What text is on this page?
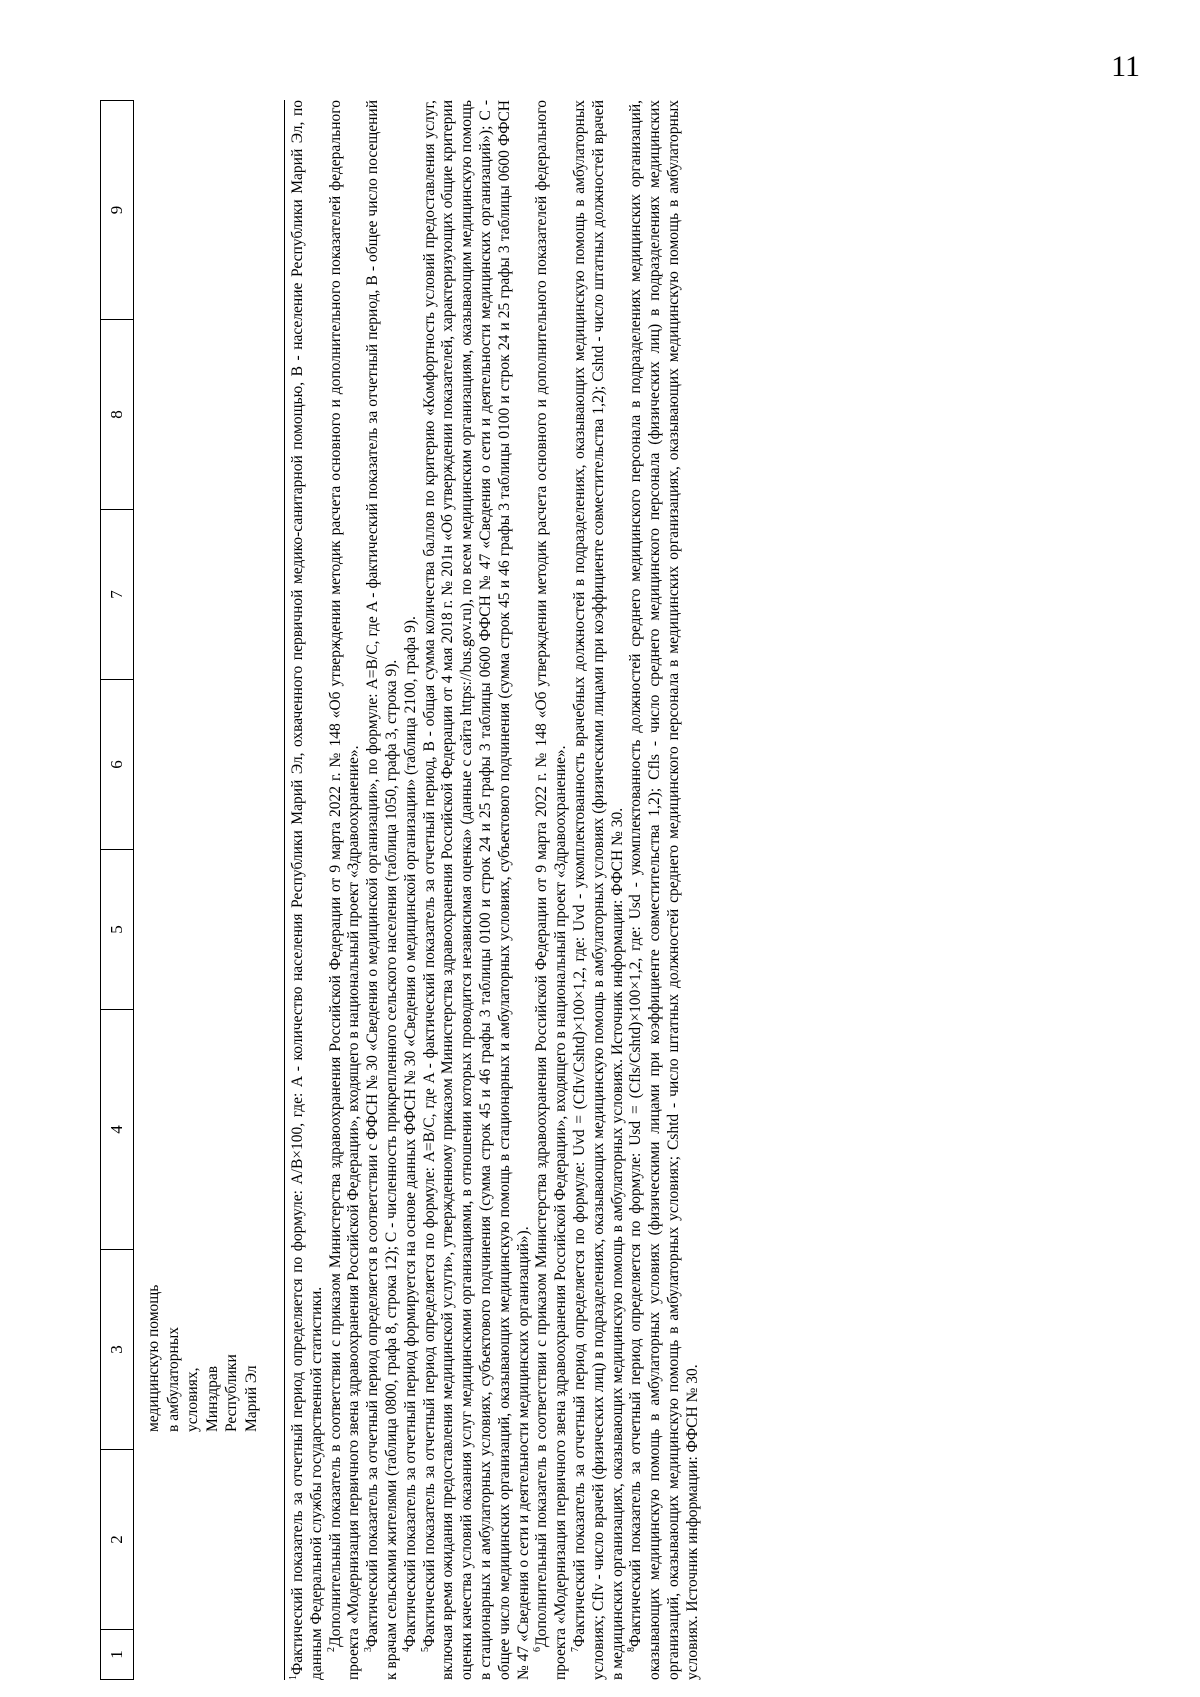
11
1
2
3
4
5
6
7
8
9
медицинскую помощь
в амбулаторных
условиях,
Минздрав
Республики
Марий Эл

$^1$Фактический показатель за отчетный период определяется по формуле: A/B×100, где: A - количество населения Республики Марий Эл, охваченного первичной медико-санитарной помощью, B - население Республики Марий Эл, по данным Федеральной службы государственной статистики. $^2$Дополнительный показатель в соответствии с приказом Министерства здравоохранения Российской Федерации от 9 марта 2022 г. № 148 «Об утверждении методик расчета основного и дополнительного показателей федерального проекта «Модернизация первичного звена здравоохранения Российской Федерации», входящего в национальный проект «Здравоохранение». $^3$Фактический показатель за отчетный период определяется в соответствии с ФФСН № 30 «Сведения о медицинской организации», по формуле: A=B/C, где A - фактический показатель за отчетный период, B - общее число посещений к врачам сельскими жителями (таблица 0800, графа 8, строка 12); C - численность прикрепленного сельского населения (таблица 1050, графа 3, строка 9). $^4$Фактический показатель за отчетный период формируется на основе данных ФФСН № 30 «Сведения о медицинской организации» (таблица 2100, графа 9).

$^5$Фактический показатель за отчетный период определяется по формуле: A=B/C, где A - фактический показатель за отчетный период, B - общая сумма количества баллов по критерию «Комфортность условий предоставления услуг, включая время ожидания предоставления медицинской услуги», утвержденному приказом Министерства здравоохранения Российской Федерации от 4 мая 2018 г. № 201н «Об утверждении показателей, характеризующих общие критерии оценки качества условий оказания услуг медицинскими организациями, в отношении которых проводится независимая оценка» (данные с сайта https://bus.gov.ru), по всем медицинским организациям, оказывающим медицинскую помощь в стационарных и амбулаторных условиях, субъектового подчинения (сумма строк 45 и 46 графы 3 таблицы 0100 и строк 24 и 25 графы 3 таблицы 0600 ФФСН № 47 «Сведения о сети и деятельности медицинских организаций»); C - общее число медицинских организаций, оказывающих медицинскую помощь в стационарных и амбулаторных условиях, субъектового подчинения (сумма строк 45 и 46 графы 3 таблицы 0100 и строк 24 и 25 графы 3 таблицы 0600 ФФСН № 47 «Сведения о сети и деятельности медицинских организаций»). $^6$Дополнительный показатель в соответствии с приказом Министерства здравоохранения Российской Федерации от 9 марта 2022 г. № 148 «Об утверждении методик расчета основного и дополнительного показателей федерального проекта «Модернизация первичного звена здравоохранения Российской Федерации», входящего в национальный проект «Здравоохранение». $^7$Фактический показатель за отчетный период определяется по формуле: Uvd = (Cflv/Cshtd)×100×1,2, где: Uvd - укомплектованность врачебных должностей в подразделениях, оказывающих медицинскую помощь в амбулаторных условиях; Cflv - число врачей (физических лиц) в подразделениях, оказывающих медицинскую помощь в амбулаторных условиях (физическими лицами при коэффициенте совместительства 1,2); Cshtd - число штатных должностей врачей в медицинских организациях, оказывающих медицинскую помощь в амбулаторных условиях. Источник информации: ФФСН № 30. $^8$Фактический показатель за отчетный период определяется по формуле: Usd = (Cfls/Cshtd)×100×1,2, где: Usd - укомплектованность должностей среднего медицинского персонала в подразделениях медицинских организаций, оказывающих медицинскую помощь в амбулаторных условиях (физическими лицами при коэффициенте совместительства 1,2); Cfls - число среднего медицинского персонала (физических лиц) в подразделениях медицинских организаций, оказывающих медицинскую помощь в амбулаторных условиях; Cshtd - число штатных должностей среднего медицинского персонала в медицинских организациях, оказывающих медицинскую помощь в амбулаторных условиях. Источник информации: ФФСН № 30.
